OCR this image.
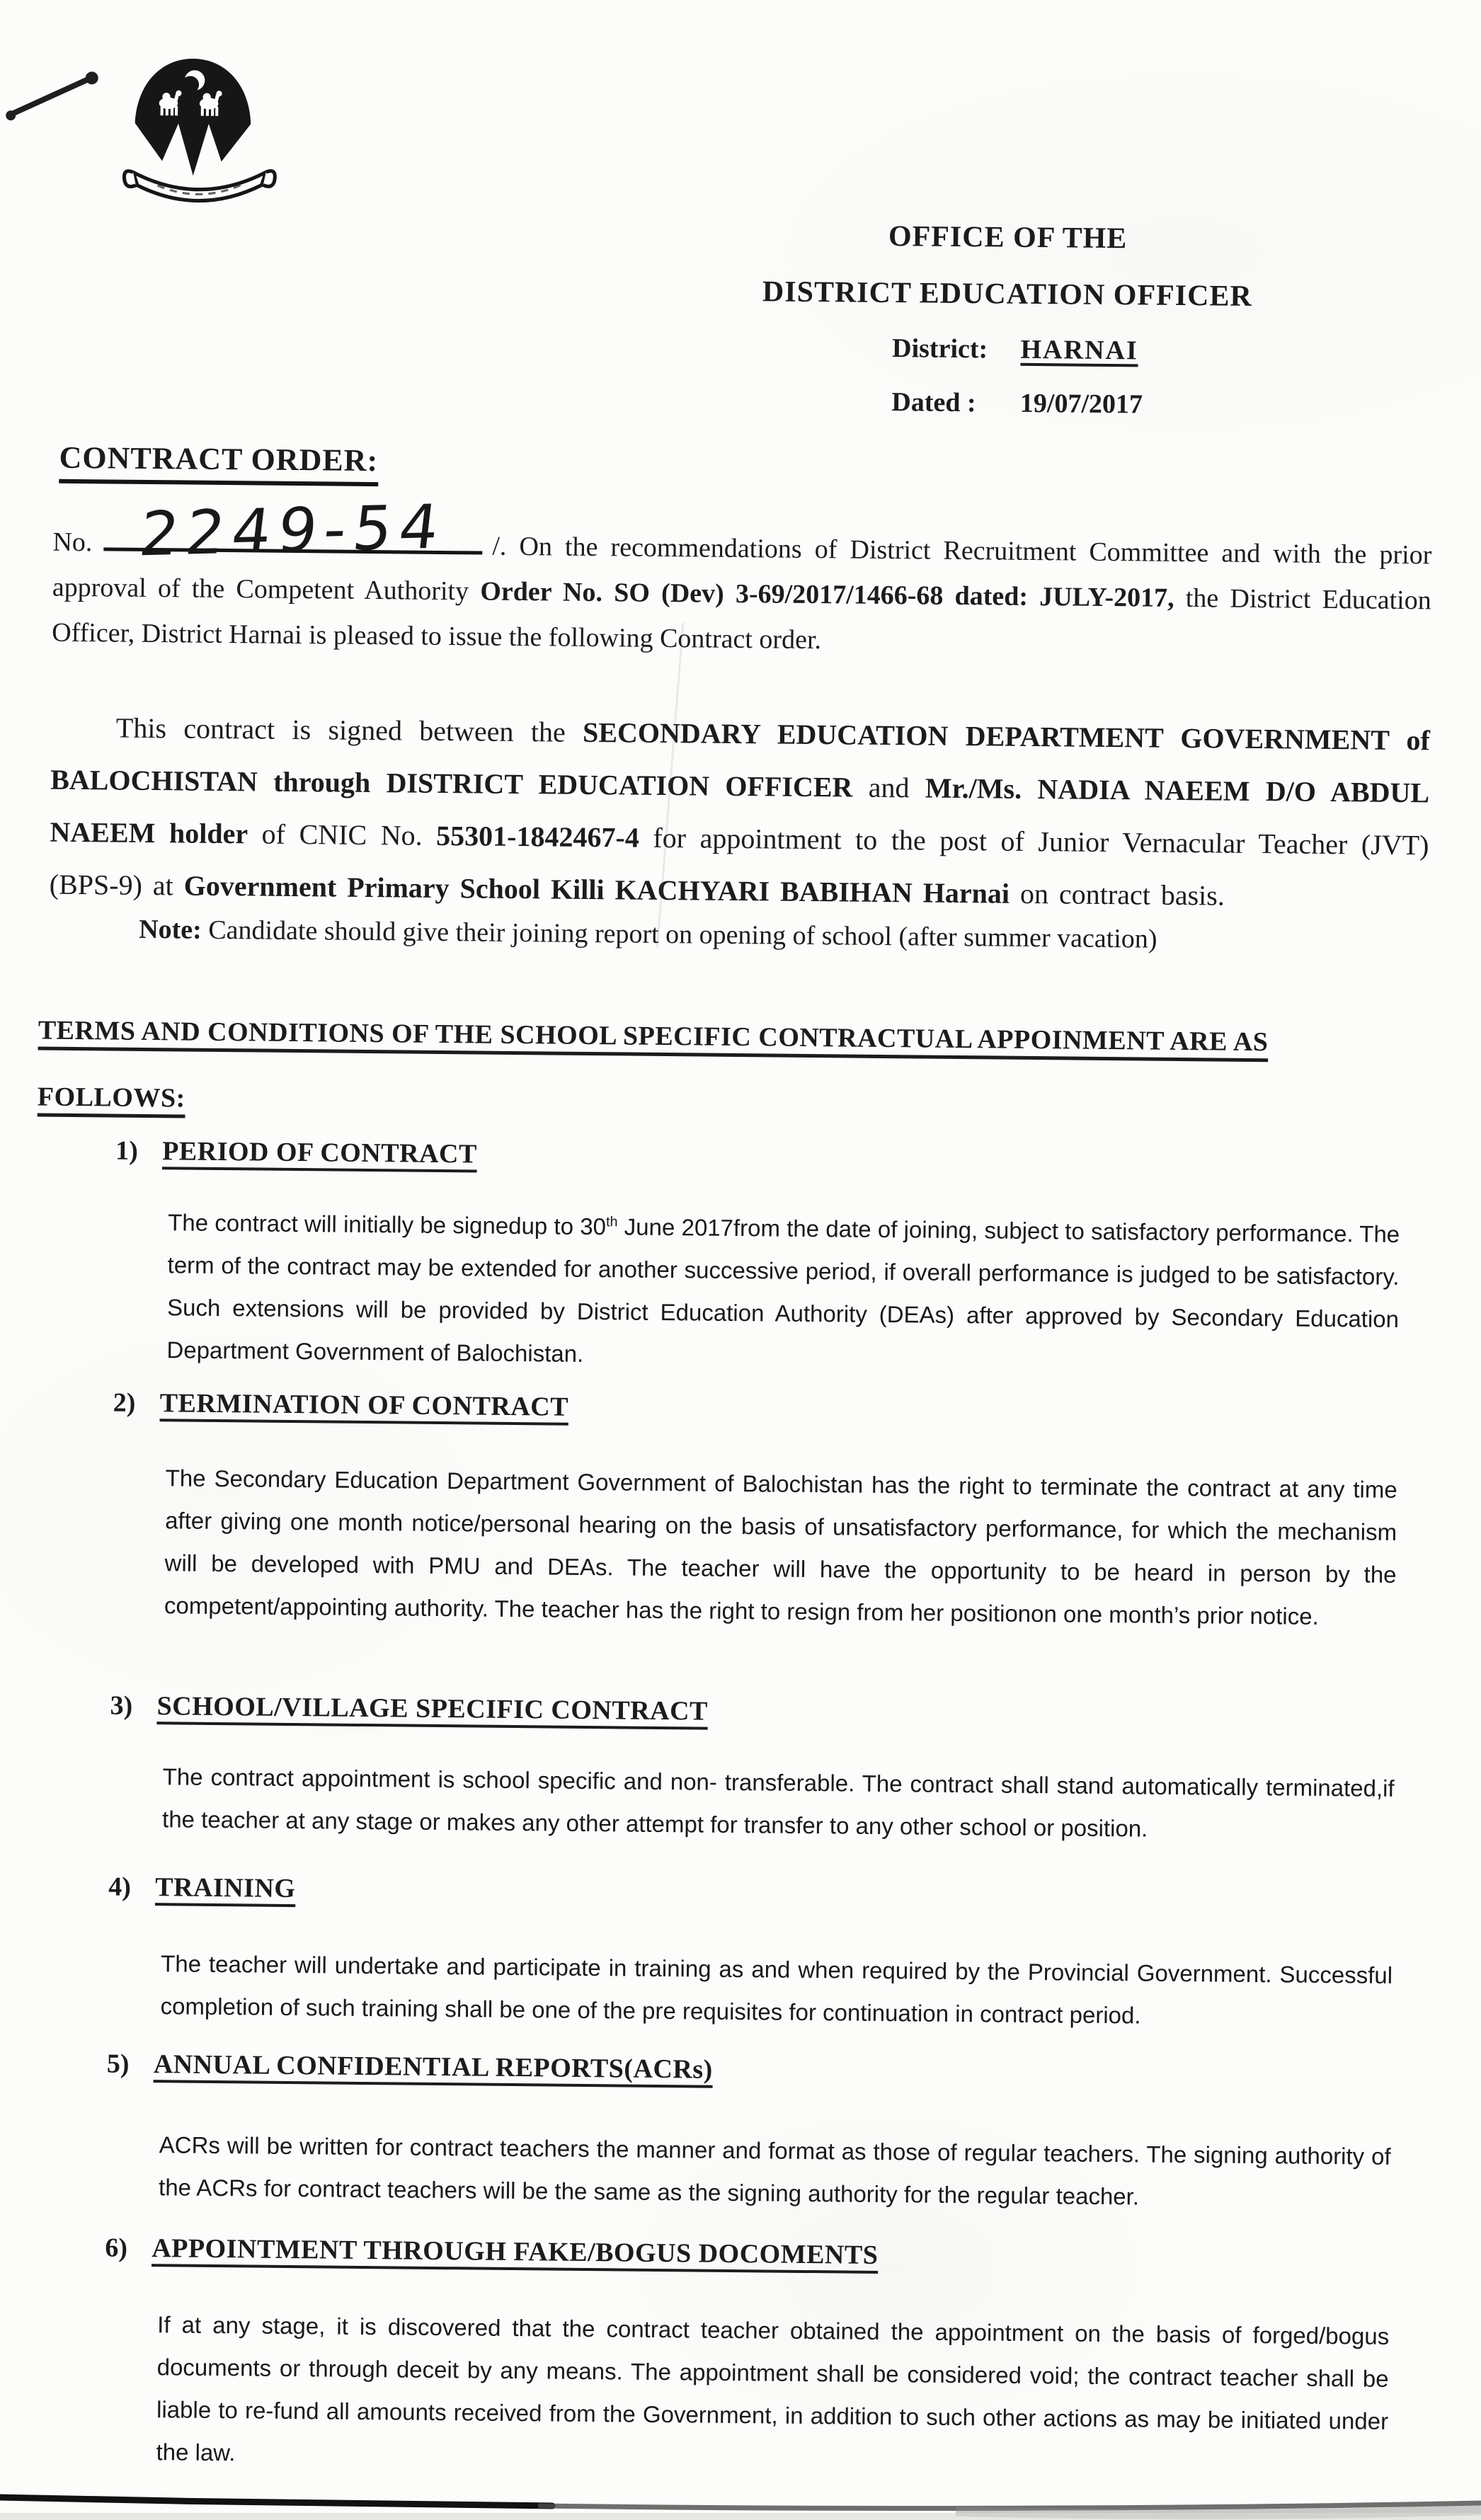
OFFICE OF THE
DISTRICT EDUCATION OFFICER
District: HARNAI
Dated : 19/07/2017
CONTRACT ORDER:
No. 2249-54 /. On the recommendations of District Recruitment Committee and with the prior approval of the Competent Authority Order No. SO (Dev) 3-69/2017/1466-68 dated: JULY-2017, the District Education Officer, District Harnai is pleased to issue the following Contract order.
This contract is signed between the SECONDARY EDUCATION DEPARTMENT GOVERNMENT of BALOCHISTAN through DISTRICT EDUCATION OFFICER and Mr./Ms. NADIA NAEEM D/O ABDUL NAEEM holder of CNIC No. 55301-1842467-4 for appointment to the post of Junior Vernacular Teacher (JVT)(BPS-9) at Government Primary School Killi KACHYARI BABIHAN Harnai on contract basis.
Note: Candidate should give their joining report on opening of school (after summer vacation)
TERMS AND CONDITIONS OF THE SCHOOL SPECIFIC CONTRACTUAL APPOINMENT ARE AS
FOLLOWS:
1) PERIOD OF CONTRACT
The contract will initially be signedup to 30th June 2017from the date of joining, subject to satisfactory performance. The term of the contract may be extended for another successive period, if overall performance is judged to be satisfactory. Such extensions will be provided by District Education Authority (DEAs) after approved by Secondary Education Department Government of Balochistan.
2) TERMINATION OF CONTRACT
The Secondary Education Department Government of Balochistan has the right to terminate the contract at any time after giving one month notice/personal hearing on the basis of unsatisfactory performance, for which the mechanism will be developed with PMU and DEAs. The teacher will have the opportunity to be heard in person by the competent/appointing authority. The teacher has the right to resign from her positionon one month’s prior notice.
3) SCHOOL/VILLAGE SPECIFIC CONTRACT
The contract appointment is school specific and non- transferable. The contract shall stand automatically terminated,if the teacher at any stage or makes any other attempt for transfer to any other school or position.
4) TRAINING
The teacher will undertake and participate in training as and when required by the Provincial Government. Successful completion of such training shall be one of the pre requisites for continuation in contract period.
5) ANNUAL CONFIDENTIAL REPORTS(ACRs)
ACRs will be written for contract teachers the manner and format as those of regular teachers. The signing authority of the ACRs for contract teachers will be the same as the signing authority for the regular teacher.
6) APPOINTMENT THROUGH FAKE/BOGUS DOCOMENTS
If at any stage, it is discovered that the contract teacher obtained the appointment on the basis of forged/bogus documents or through deceit by any means. The appointment shall be considered void; the contract teacher shall be liable to re-fund all amounts received from the Government, in addition to such other actions as may be initiated under the law.
